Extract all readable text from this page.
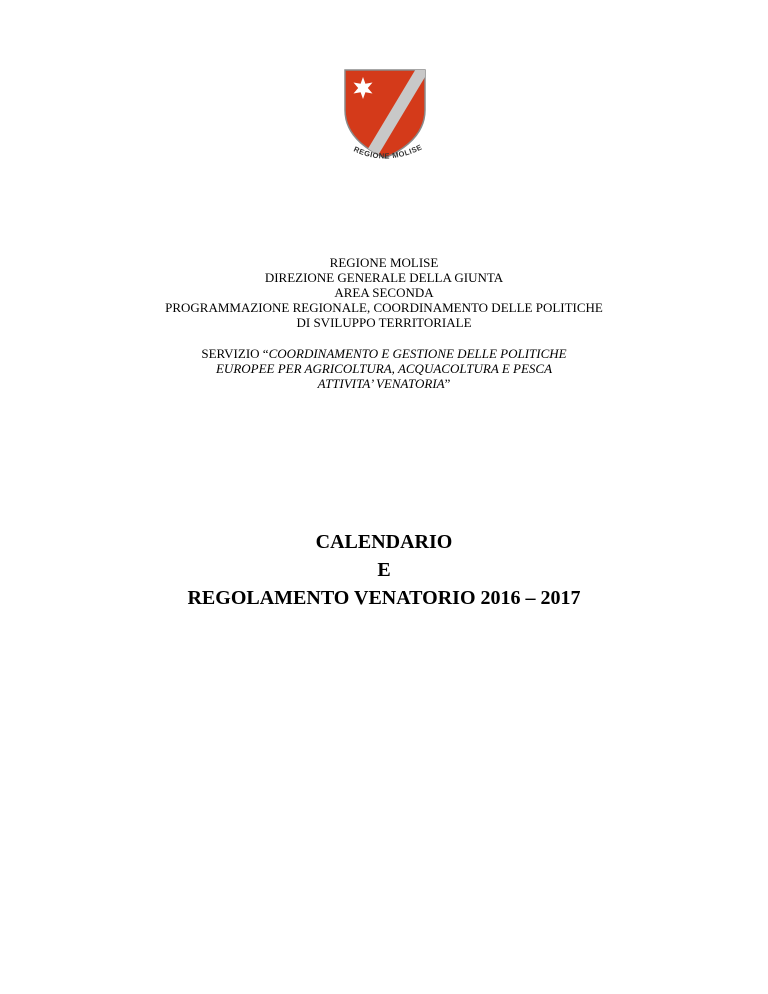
REGIONE MOLISE
REGIONE MOLISE
DIREZIONE GENERALE DELLA GIUNTA
AREA SECONDA
PROGRAMMAZIONE REGIONALE, COORDINAMENTO DELLE POLITICHE
DI SVILUPPO TERRITORIALE
SERVIZIO “COORDINAMENTO E GESTIONE DELLE POLITICHE
EUROPEE PER AGRICOLTURA, ACQUACOLTURA E PESCA
ATTIVITA’ VENATORIA”
CALENDARIO
E
REGOLAMENTO VENATORIO 2016 – 2017
